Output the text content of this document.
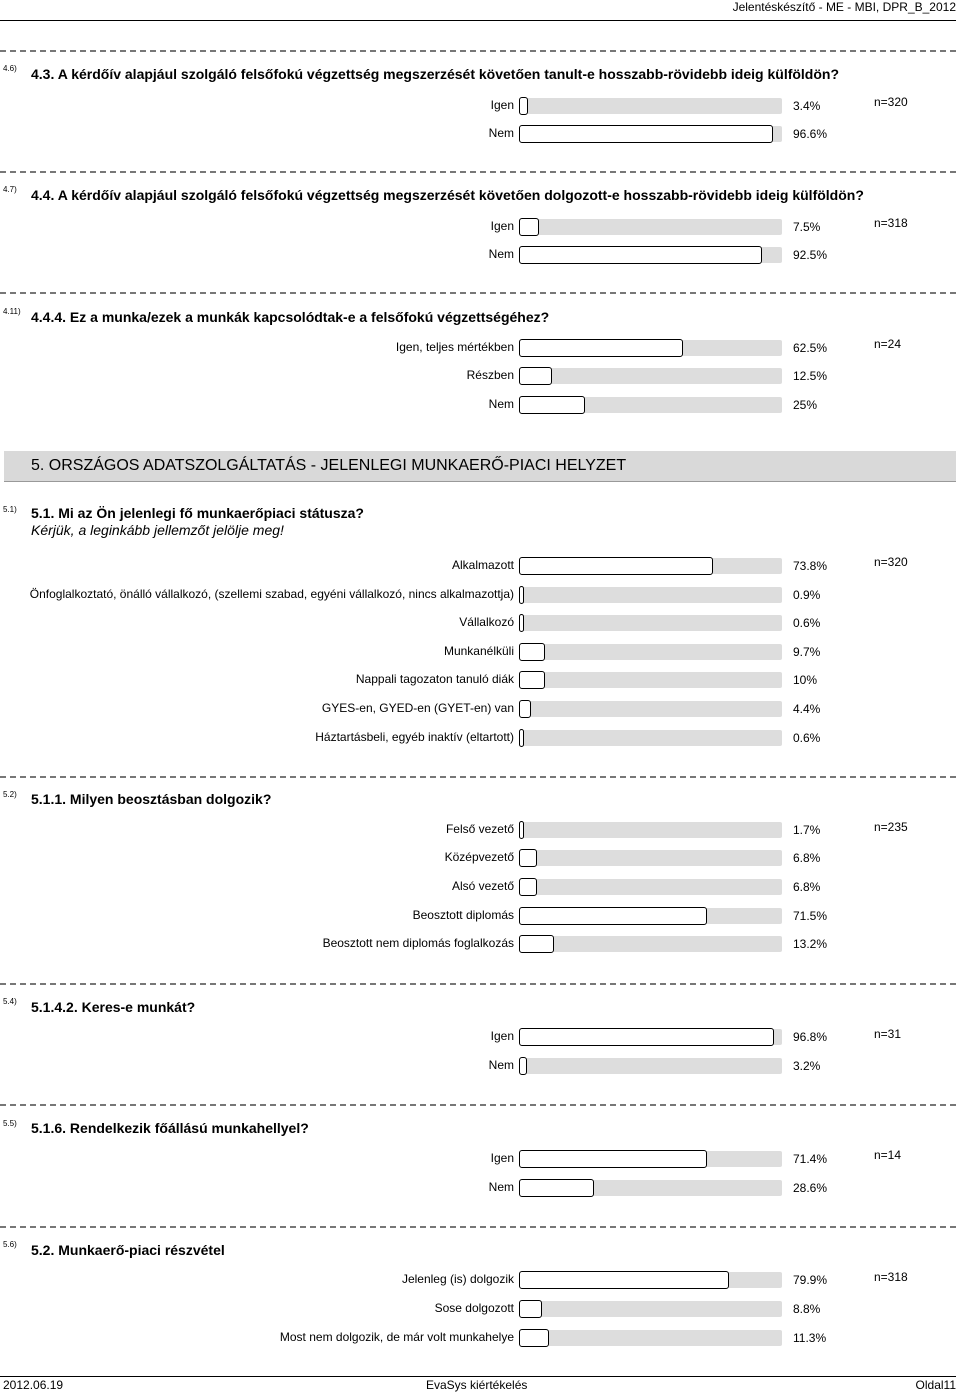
Jelentéskészítő - ME - MBI, DPR_B_2012
5. ORSZÁGOS ADATSZOLGÁLTATÁS - JELENLEGI MUNKAERŐ-PIACI HELYZET
4.6) 4.3. A kérdőív alapjául szolgáló felsőfokú végzettség megszerzését követően tanult-e hosszabb-rövidebb ideig külföldön?
n=320
Igen	3.4%
Nem	96.6%
4.7) 4.4. A kérdőív alapjául szolgáló felsőfokú végzettség megszerzését követően dolgozott-e hosszabb-rövidebb ideig külföldön?
n=318
Igen	7.5%
Nem	92.5%
4.11) 4.4.4. Ez a munka/ezek a munkák kapcsolódtak-e a felsőfokú végzettségéhez?
n=24
Igen, teljes mértékben	62.5%
Részben	12.5%
Nem	25%
5.1) 5.1. Mi az Ön jelenlegi fő munkaerőpiaci státusza?
Kérjük, a leginkább jellemzőt jelölje meg!
n=320
Alkalmazott	73.8%
Önfoglalkoztató, önálló vállalkozó, (szellemi szabad, egyéni vállalkozó, nincs alkalmazottja)	0.9%
Vállalkozó	0.6%
Munkanélküli	9.7%
Nappali tagozaton tanuló diák	10%
GYES-en, GYED-en (GYET-en) van	4.4%
Háztartásbeli, egyéb inaktív (eltartott)	0.6%
5.2) 5.1.1. Milyen beosztásban dolgozik?
n=235
Felső vezető	1.7%
Középvezető	6.8%
Alsó vezető	6.8%
Beosztott diplomás	71.5%
Beosztott nem diplomás foglalkozás	13.2%
5.4) 5.1.4.2. Keres-e munkát?
n=31
Igen	96.8%
Nem	3.2%
5.5) 5.1.6. Rendelkezik főállású munkahellyel?
n=14
Igen	71.4%
Nem	28.6%
5.6) 5.2. Munkaerő-piaci részvétel
n=318
Jelenleg (is) dolgozik	79.9%
Sose dolgozott	8.8%
Most nem dolgozik, de már volt munkahelye	11.3%
2012.06.19	EvaSys kiértékelés	Oldal11
